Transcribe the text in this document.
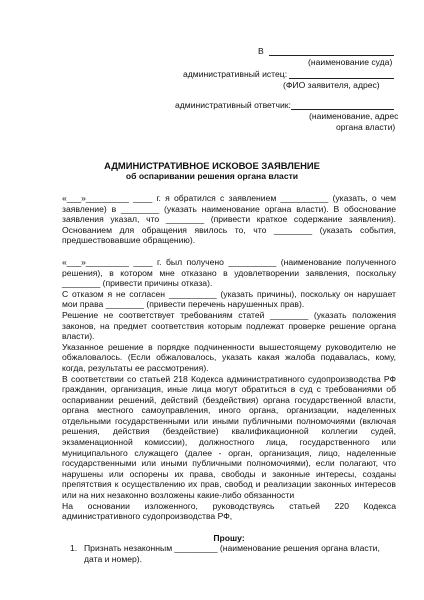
В
(наименование суда)
административный истец:
(ФИО заявителя, адрес)
административный ответчик:
(наименование, адрес
органа власти)
АДМИНИСТРАТИВНОЕ ИСКОВОЕ ЗАЯВЛЕНИЕ
об оспаривании решения органа власти

«___»_________ ____ г. я обратился с заявлением __________ (указать, о чем заявление) в ________ (указать наименование органа власти). В обоснование заявления указал, что ________ (привести краткое содержание заявления). Основанием для обращения явилось то, что ________ (указать события, предшествовавшие обращению).

«___»_________ ____ г. был получено __________ (наименование полученного решения), в котором мне отказано в удовлетворении заявления, поскольку ________ (привести причины отказа).

С отказом я не согласен __________ (указать причины), поскольку он нарушает мои права ________ (привести перечень нарушенных прав).

Решение не соответствует требованиям статей ________ (указать положения законов, на предмет соответствия которым подлежат проверке решение органа власти).

Указанное решение в порядке подчиненности вышестоящему руководителю не обжаловалось. (Если обжаловалось, указать какая жалоба подавалась, кому, когда, результаты ее рассмотрения).

В соответствии со статьей 218 Кодекса административного судопроизводства РФ гражданин, организация, иные лица могут обратиться в суд с требованиями об оспаривании решений, действий (бездействия) органа государственной власти, органа местного самоуправления, иного органа, организации, наделенных отдельными государственными или иными публичными полномочиями (включая решения, действия (бездействие) квалификационной коллегии судей, экзаменационной комиссии), должностного лица, государственного или муниципального служащего (далее - орган, организация, лицо, наделенные государственными или иными публичными полномочиями), если полагают, что нарушены или оспорены их права, свободы и законные интересы, созданы препятствия к осуществлению их прав, свобод и реализации законных интересов или на них незаконно возложены какие-либо обязанности

На основании изложенного, руководствуясь статьей 220 Кодекса административного судопроизводства РФ,

Прошу:

1. Признать незаконным _________ (наименование решения органа власти, дата и номер).
